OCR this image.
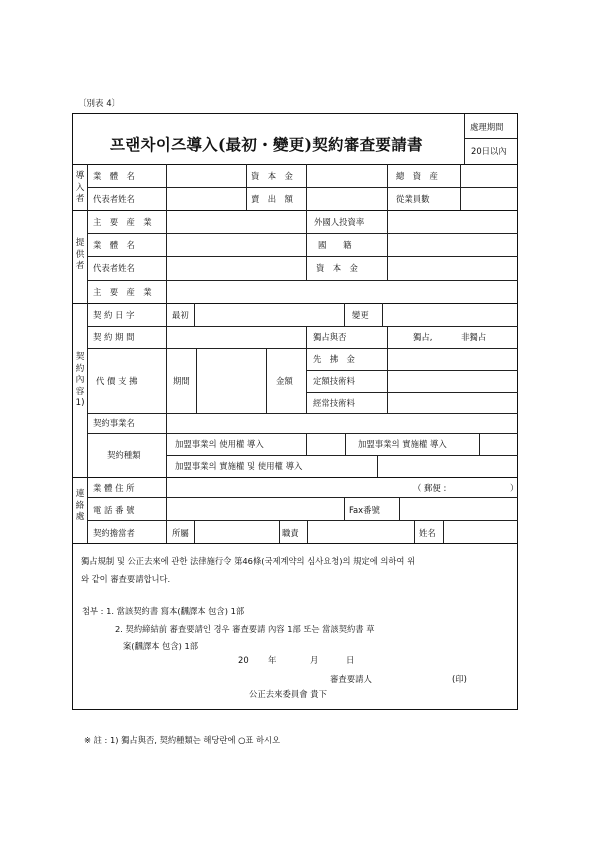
〔別表 4〕
프랜차이즈導入(最初・變更)契約審査要請書
處理期間
20日以內
導入者
提供者
契約內容1)
連絡處
業　體　名	資　本　金	總　資　産
代表者姓名	賣　出　額	從業員數
主　要　産　業	外國人投資率
業　體　名	國　　籍
代表者姓名	資　本　金
主　要　産　業
契 約 日 字	最初	變更
契 約 期 間	獨占與否	獨占,	非獨占
代 價 支 拂	期間	金額
先　拂　金
定額技術料
經常技術料
契約事業名
契約種類
加盟事業의 使用權 導入	加盟事業의 實施權 導入
加盟事業의 實施權 및 使用權 導入
業 體 住 所	（ 郵便 :	）
電 話 番 號	Fax番號
契約擔當者	所屬	職責	姓名
獨占規制 및 公正去來에 관한 法律施行令 第46條(국제계약의 심사요청)의 規定에 의하여 위
와 같이 審査要請합니다.
첨부 : 1. 當該契約書 寫本(飜譯本 包含) 1部
2. 契約締結前 審査要請인 경우 審査要請 內容 1部 또는 當該契約書 草
案(飜譯本 包含) 1部
20 年	月	日
審査要請人	(印)
公正去來委員會 貴下
※ 註 : 1) 獨占與否, 契約種類는 해당란에 ○표 하시오
